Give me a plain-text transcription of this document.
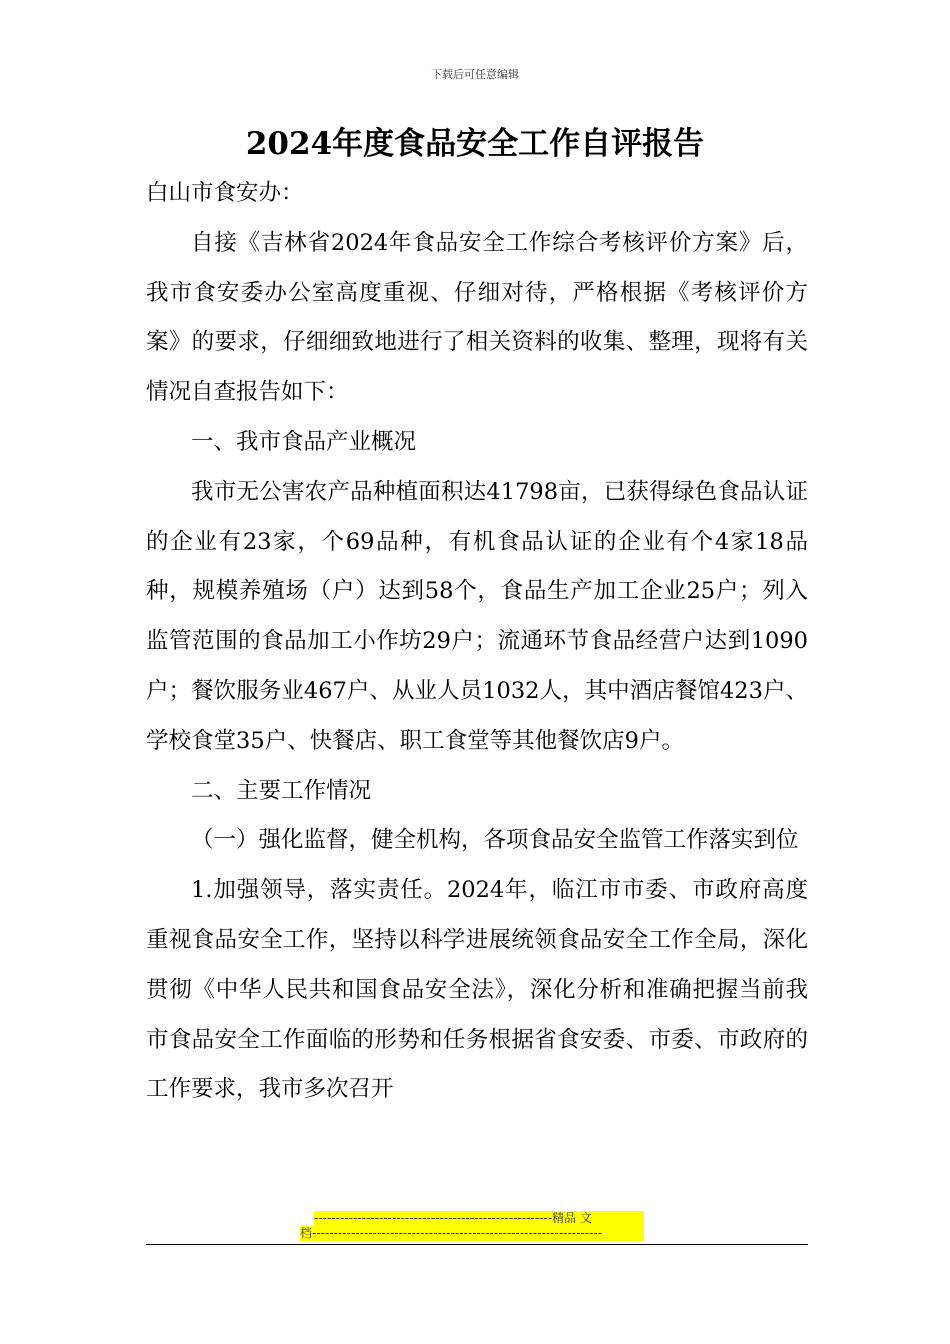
下载后可任意编辑
2024年度食品安全工作自评报告

白山市食安办：

自接《吉林省2024年食品安全工作综合考核评价方案》后，我市食安委办公室高度重视、仔细对待，严格根据《考核评价方案》的要求，仔细细致地进行了相关资料的收集、整理，现将有关情况自查报告如下：

一、我市食品产业概况

我市无公害农产品种植面积达41798亩，已获得绿色食品认证的企业有23家，个69品种，有机食品认证的企业有个4家18品种，规模养殖场（户）达到58个，食品生产加工企业25户；列入监管范围的食品加工小作坊29户；流通环节食品经营户达到1090户；餐饮服务业467户、从业人员1032人，其中酒店餐馆423户、学校食堂35户、快餐店、职工食堂等其他餐饮店9户。

二、主要工作情况

（一）强化监督，健全机构，各项食品安全监管工作落实到位

1.加强领导，落实责任。2024年，临江市市委、市政府高度重视食品安全工作，坚持以科学进展统领食品安全工作全局，深化贯彻《中华人民共和国食品安全法》，深化分析和准确把握当前我市食品安全工作面临的形势和任务根据省食安委、市委、市政府的工作要求，我市多次召开

-------------------------------------------------------精品 文
档-------------------------------------------------------------------
